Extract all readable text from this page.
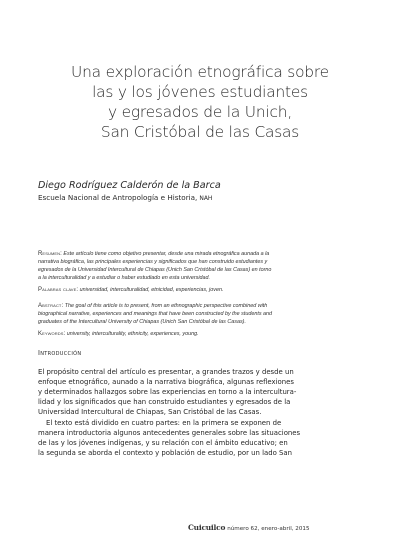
Una exploración etnográfica sobre
las y los jóvenes estudiantes
y egresados de la Unich,
San Cristóbal de las Casas
Diego Rodríguez Calderón de la Barca
Escuela Nacional de Antropología e Historia, NAH
Resumen: Este artículo tiene como objetivo presentar, desde una mirada etnográfica aunada a la
narrativa biográfica, las principales experiencias y significados que han construido estudiantes y
egresados de la Universidad Intercultural de Chiapas (Unich San Cristóbal de las Casas) en torno
a la interculturalidad y a estudiar o haber estudiado en esta universidad.
Palabras clave: universidad, interculturalidad, etnicidad, experiencias, joven.
Abstract: The goal of this article is to present, from an ethnographic perspective combined with
biographical narrative, experiences and meanings that have been constructed by the students and
graduates of the Intercultural University of Chiapas (Unich San Cristóbal de las Casas).
Keywords: university, interculturality, ethnicity, experiences, young.
Introducción
El propósito central del artículo es presentar, a grandes trazos y desde un
enfoque etnográfico, aunado a la narrativa biográfica, algunas reflexiones
y determinados hallazgos sobre las experiencias en torno a la intercultura-
lidad y los significados que han construido estudiantes y egresados de la
Universidad Intercultural de Chiapas, San Cristóbal de las Casas.
El texto está dividido en cuatro partes: en la primera se exponen de
manera introductoria algunos antecedentes generales sobre las situaciones
de las y los jóvenes indígenas, y su relación con el ámbito educativo; en
la segunda se aborda el contexto y población de estudio, por un lado San
Cuicuilco número 62, enero-abril, 2015
